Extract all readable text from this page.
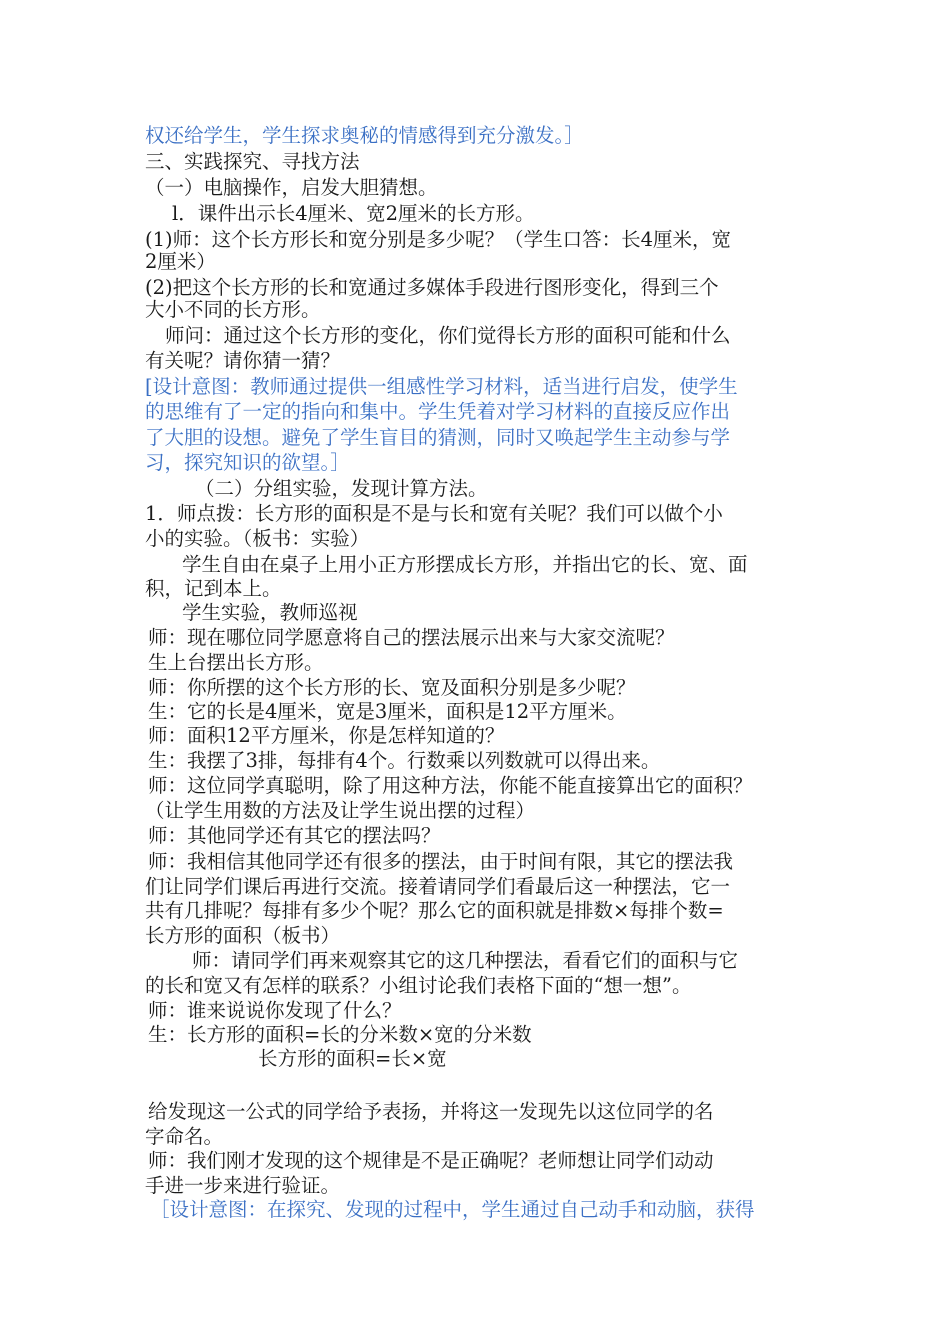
权还给学生，学生探求奥秘的情感得到充分激发。］
三、实践探究、寻找方法
（一）电脑操作，启发大胆猜想。
l．课件出示长4厘米、宽2厘米的长方形。
(1)师：这个长方形长和宽分别是多少呢？（学生口答：长4厘米，宽
2厘米）
(2)把这个长方形的长和宽通过多媒体手段进行图形变化，得到三个
大小不同的长方形。
师问：通过这个长方形的变化，你们觉得长方形的面积可能和什么
有关呢？请你猜一猜？
[设计意图：教师通过提供一组感性学习材料，适当进行启发，使学生
的思维有了一定的指向和集中。学生凭着对学习材料的直接反应作出
了大胆的设想。避免了学生盲目的猜测，同时又唤起学生主动参与学
习，探究知识的欲望。］
（二）分组实验，发现计算方法。
1．师点拨：长方形的面积是不是与长和宽有关呢？我们可以做个小
小的实验。（板书：实验）
学生自由在桌子上用小正方形摆成长方形，并指出它的长、宽、面
积，记到本上。
学生实验，教师巡视
师：现在哪位同学愿意将自己的摆法展示出来与大家交流呢？
生上台摆出长方形。
师：你所摆的这个长方形的长、宽及面积分别是多少呢？
生：它的长是4厘米，宽是3厘米，面积是12平方厘米。
师：面积12平方厘米，你是怎样知道的？
生：我摆了3排，每排有4个。行数乘以列数就可以得出来。
师：这位同学真聪明，除了用这种方法，你能不能直接算出它的面积？
（让学生用数的方法及让学生说出摆的过程）
师：其他同学还有其它的摆法吗？
师：我相信其他同学还有很多的摆法，由于时间有限，其它的摆法我
们让同学们课后再进行交流。接着请同学们看最后这一种摆法，它一
共有几排呢？每排有多少个呢？那么它的面积就是排数×每排个数=
长方形的面积（板书）
师：请同学们再来观察其它的这几种摆法，看看它们的面积与它
的长和宽又有怎样的联系？小组讨论我们表格下面的“想一想”。
师：谁来说说你发现了什么？
生：长方形的面积=长的分米数×宽的分米数
长方形的面积=长×宽
给发现这一公式的同学给予表扬，并将这一发现先以这位同学的名
字命名。
师：我们刚才发现的这个规律是不是正确呢？老师想让同学们动动
手进一步来进行验证。
［设计意图：在探究、发现的过程中，学生通过自己动手和动脑，获得
